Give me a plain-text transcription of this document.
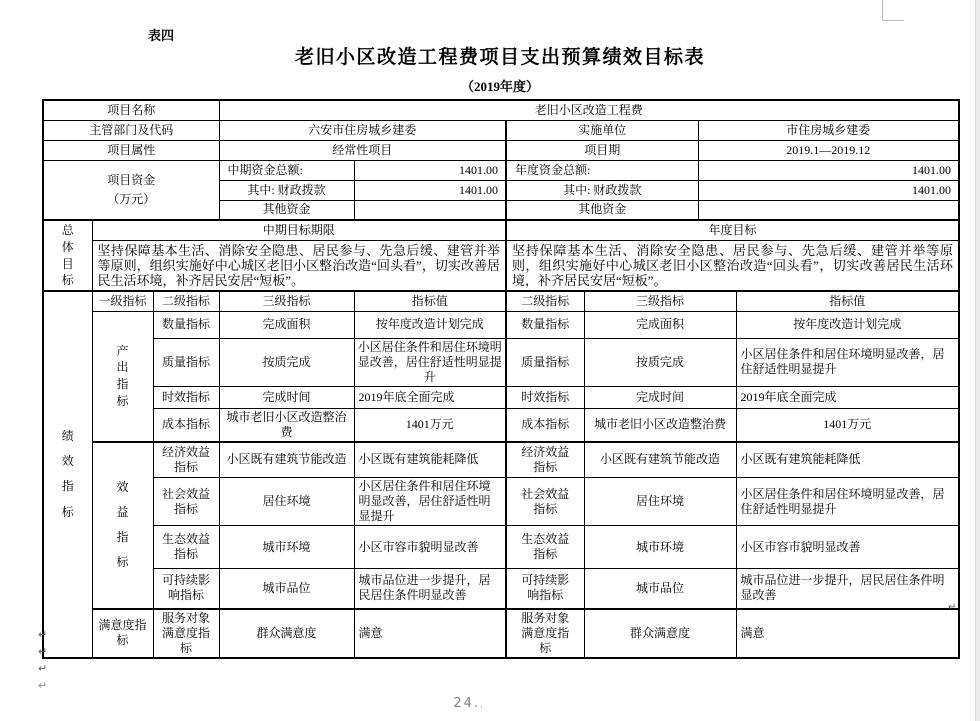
表四
老旧小区改造工程费项目支出预算绩效目标表
（2019年度）
项目名称			老旧小区改造工程费					
主管部门及代码			六安市住房城乡建委		实施单位		市住房城乡建委	
项目属性			经常性项目		项目期		2019.1—2019.12	
项目资金
（万元）			中期资金总额:	1401.00	年度资金总额:		1401.00	
			其中: 财政拨款	1401.00	其中: 财政拨款		1401.00	
			其他资金		其他资金			
总体目标	中期目标期限				年度目标			
	坚持保障基本生活、消除安全隐患、居民参与、先急后缓、建管并举等原则，组织实施好中心城区老旧小区整治改造“回头看”，切实改善居民生活环境，补齐居民安居“短板”。				坚持保障基本生活、消除安全隐患、居民参与、先急后缓、建管并举等原则，组织实施好中心城区老旧小区整治改造“回头看”，切实改善居民生活环境，补齐居民安居“短板”。			
绩效指标	一级指标	二级指标	三级指标	指标值	二级指标	三级指标		指标值
	产出指标	数量指标	完成面积	按年度改造计划完成	数量指标	完成面积		按年度改造计划完成
		质量指标	按质完成	小区居住条件和居住环境明显改善，居住舒适性明显提升	质量指标	按质完成		小区居住条件和居住环境明显改善，居住舒适性明显提升
		时效指标	完成时间	2019年底全面完成	时效指标	完成时间		2019年底全面完成
		成本指标	城市老旧小区改造整治费	1401万元	成本指标	城市老旧小区改造整治费		1401万元
	效益指标	经济效益指标	小区既有建筑节能改造	小区既有建筑能耗降低	经济效益指标	小区既有建筑节能改造		小区既有建筑能耗降低
		社会效益指标	居住环境	小区居住条件和居住环境明显改善，居住舒适性明显提升	社会效益指标	居住环境		小区居住条件和居住环境明显改善，居住舒适性明显提升
		生态效益指标	城市环境	小区市容市貌明显改善	生态效益指标	城市环境		小区市容市貌明显改善
		可持续影响指标	城市品位	城市品位进一步提升，居民居住条件明显改善	可持续影响指标	城市品位		城市品位进一步提升，居民居住条件明显改善
	满意度指标	服务对象满意度指标	群众满意度	满意	服务对象满意度指标	群众满意度		满意
↵
↵
↵
↵
↵
24.,
